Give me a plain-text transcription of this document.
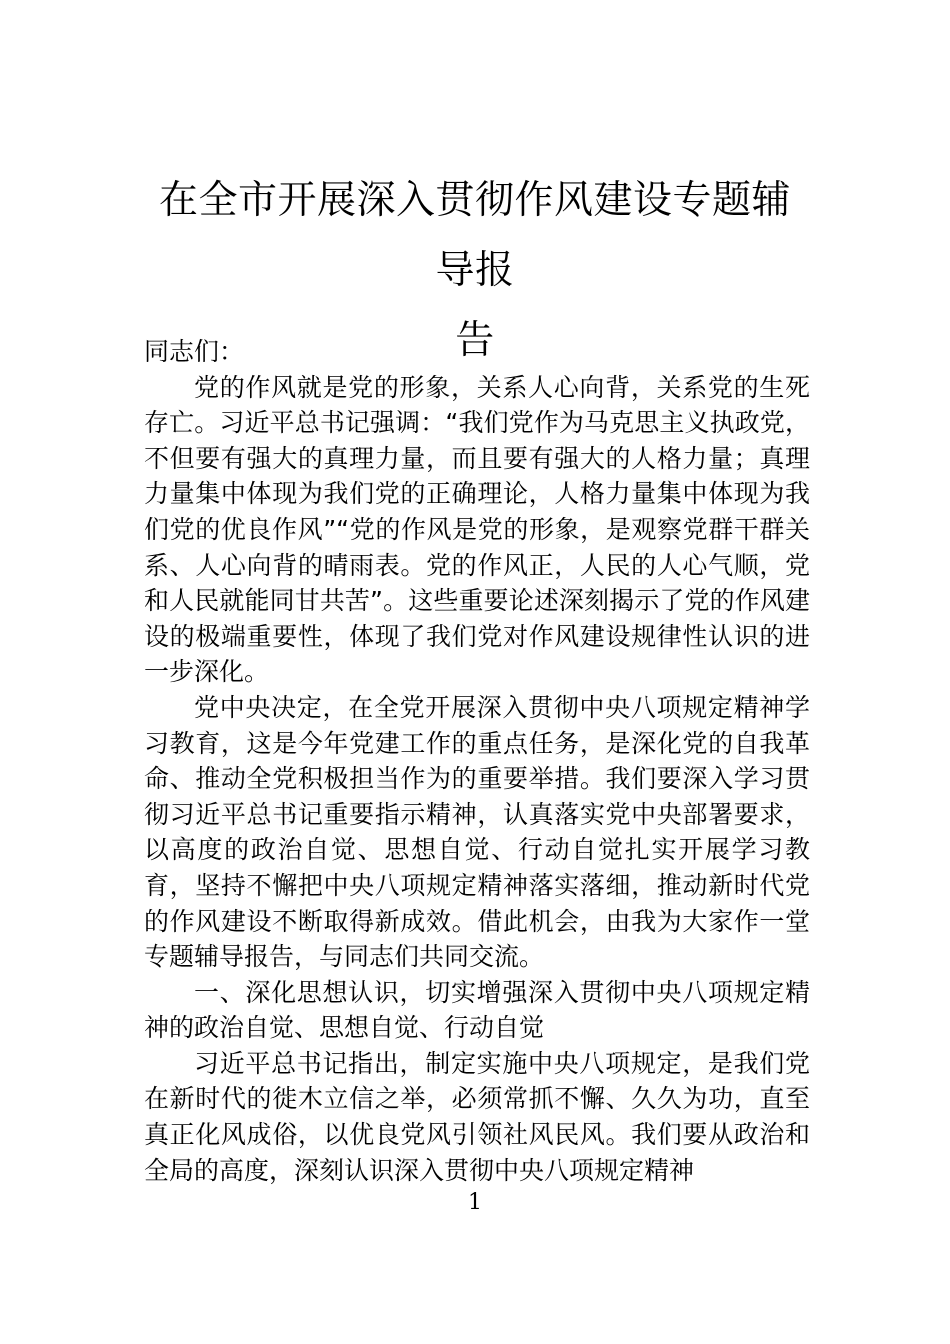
在全市开展深入贯彻作风建设专题辅导报
告

同志们：

党的作风就是党的形象，关系人心向背，关系党的生死存亡。习近平总书记强调：“我们党作为马克思主义执政党，不但要有强大的真理力量，而且要有强大的人格力量；真理力量集中体现为我们党的正确理论，人格力量集中体现为我们党的优良作风”“党的作风是党的形象，是观察党群干群关系、人心向背的晴雨表。党的作风正，人民的人心气顺，党和人民就能同甘共苦”。这些重要论述深刻揭示了党的作风建设的极端重要性，体现了我们党对作风建设规律性认识的进一步深化。

党中央决定，在全党开展深入贯彻中央八项规定精神学习教育，这是今年党建工作的重点任务，是深化党的自我革命、推动全党积极担当作为的重要举措。我们要深入学习贯彻习近平总书记重要指示精神，认真落实党中央部署要求，以高度的政治自觉、思想自觉、行动自觉扎实开展学习教育，坚持不懈把中央八项规定精神落实落细，推动新时代党的作风建设不断取得新成效。借此机会，由我为大家作一堂专题辅导报告，与同志们共同交流。

一、深化思想认识，切实增强深入贯彻中央八项规定精神的政治自觉、思想自觉、行动自觉

习近平总书记指出，制定实施中央八项规定，是我们党在新时代的徙木立信之举，必须常抓不懈、久久为功，直至真正化风成俗，以优良党风引领社风民风。我们要从政治和全局的高度，深刻认识深入贯彻中央八项规定精神

1
